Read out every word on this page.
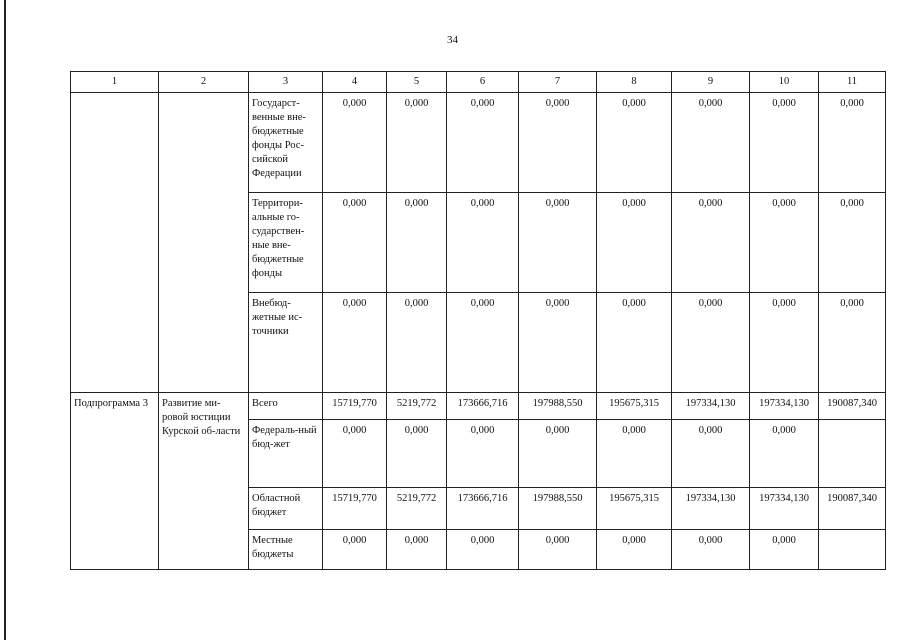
34
1	2	3	4	5	6	7	8	9	10	11
		Государст-венные вне-бюджетные фонды Рос-сийской Федерации	0,000	0,000	0,000	0,000	0,000	0,000	0,000	0,000
		Территори-альные го-сударствен-ные вне-бюджетные фонды	0,000	0,000	0,000	0,000	0,000	0,000	0,000	0,000
		Внебюд-жетные ис-точники	0,000	0,000	0,000	0,000	0,000	0,000	0,000	0,000
Подпрограмма 3	Развитие ми-ровой юстиции Курской об-ласти	Всего	15719,770	5219,772	173666,716	197988,550	195675,315	197334,130	197334,130	190087,340
		Федераль-ный бюд-жет	0,000	0,000	0,000	0,000	0,000	0,000	0,000	
		Областной бюджет	15719,770	5219,772	173666,716	197988,550	195675,315	197334,130	197334,130	190087,340
		Местные бюджеты	0,000	0,000	0,000	0,000	0,000	0,000	0,000	
